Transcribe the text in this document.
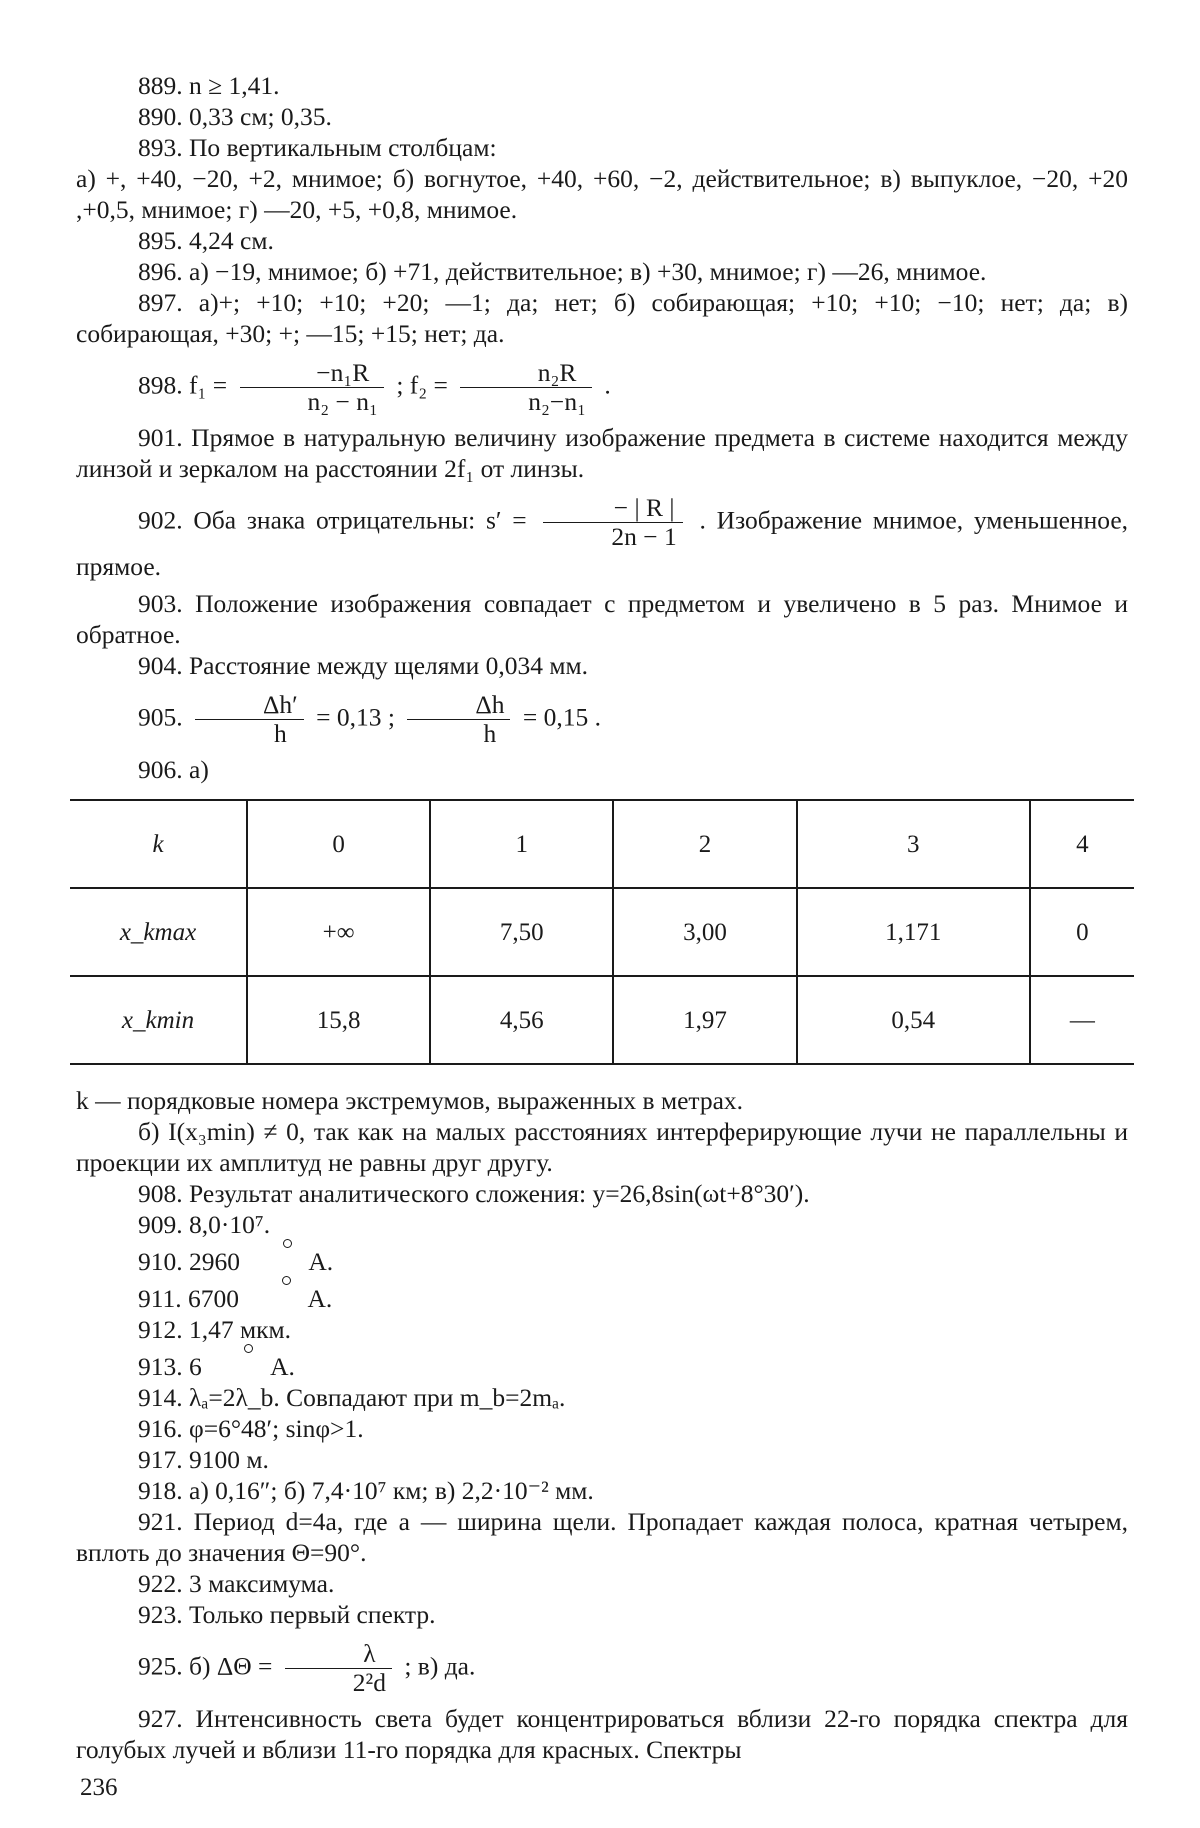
889. n ≥ 1,41.

890. 0,33 см; 0,35.

893. По вертикальным столбцам:

а) +, +40, −20, +2, мнимое; б) вогнутое, +40, +60, −2, действительное; в) выпуклое, −20, +20 ,+0,5, мнимое; г) —20, +5, +0,8, мнимое.

895. 4,24 см.

896. а) −19, мнимое; б) +71, действительное; в) +30, мнимое; г) —26, мнимое.

897. а)+; +10; +10; +20; —1; да; нет; б) собирающая; +10; +10; −10; нет; да; в) собирающая, +30; +; —15; +15; нет; да.

898. $f_1 = \frac{\text{−n₁R}}{\text{n₂ − n₁}}$ ; $f_2 = \frac{\text{n₂R}}{\text{n₂−n₁}}$ .

901. Прямое в натуральную величину изображение предмета в системе находится между линзой и зеркалом на расстоянии 2f₁ от линзы.

902. Оба знака отрицательны: $s' = \frac{- | R |}{2n - 1}$ . Изображение мнимое, уменьшенное, прямое.

903. Положение изображения совпадает с предметом и увеличено в 5 раз. Мнимое и обратное.

904. Расстояние между щелями 0,034 мм.

905. $\frac{\Delta h'}{h} = 0,13$ ; $\frac{\Delta h}{h} = 0,15$ .

906. а)

k	0	1	2	3	4
x_kmax	+∞	7,50	3,00	1,171	0
x_kmin	15,8	4,56	1,97	0,54	—

k — порядковые номера экстремумов, выраженных в метрах.

б) I(x₃min) ≠ 0, так как на малых расстояниях интерферирующие лучи не параллельны и проекции их амплитуд не равны друг другу.

908. Результат аналитического сложения: y=26,8sin(ωt+8°30′).

909. 8,0·10⁷.

910. 2960 A.

911. 6700 A.

912. 1,47 мкм.

913. 6 A.

914. λₐ=2λ_b. Совпадают при m_b=2mₐ.

916. φ=6°48′; sinφ>1.

917. 9100 м.

918. а) 0,16″; б) 7,4·10⁷ км; в) 2,2·10⁻² мм.

921. Период d=4a, где a — ширина щели. Пропадает каждая полоса, кратная четырем, вплоть до значения Θ=90°.

922. 3 максимума.

923. Только первый спектр.

925. б) $\Delta\Theta = \frac{\lambda}{\text{2²d}}$ ; в) да.

927. Интенсивность света будет концентрироваться вблизи 22-го порядка спектра для голубых лучей и вблизи 11-го порядка для красных. Спектры

236
